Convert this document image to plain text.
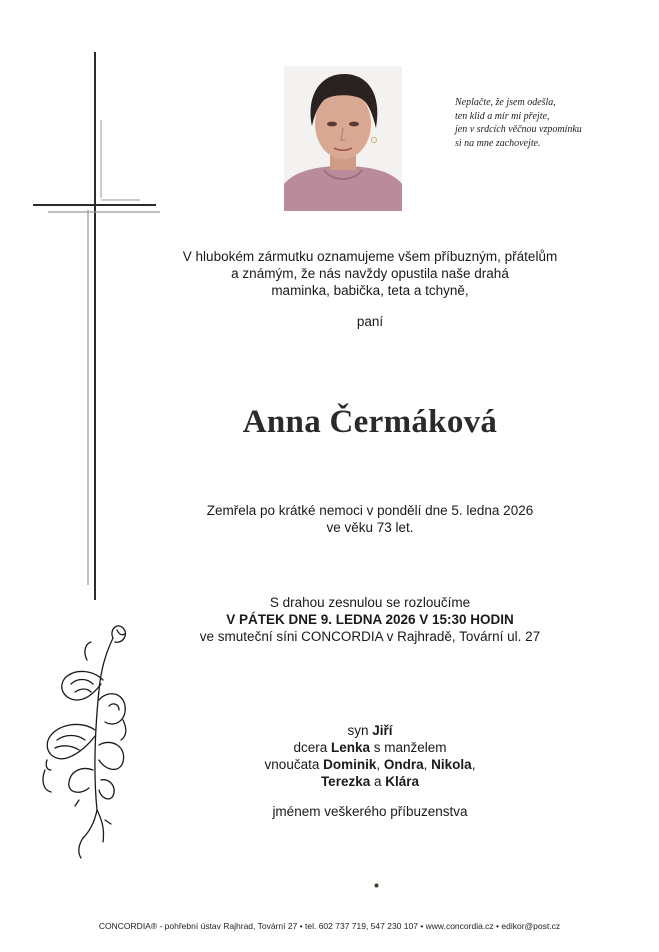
Neplačte, že jsem odešla,
ten klid a mír mi přejte,
jen v srdcích věčnou vzpomínku
si na mne zachovejte.
V hlubokém zármutku oznamujeme všem příbuzným, přátelům
a známým, že nás navždy opustila naše drahá
maminka, babička, teta a tchyně,
paní
Anna Čermáková
Zemřela po krátké nemoci v pondělí dne 5. ledna 2026
ve věku 73 let.
S drahou zesnulou se rozloučíme
V PÁTEK DNE 9. LEDNA 2026 V 15:30 HODIN
ve smuteční síni CONCORDIA v Rajhradě, Tovární ul. 27
syn Jiří
dcera Lenka s manželem
vnoučata Dominik, Ondra, Nikola,
Terezka a Klára
jménem veškerého příbuzenstva
CONCORDIA® - pohřební ústav Rajhrad, Tovární 27 • tel. 602 737 719, 547 230 107 • www.concordia.cz • edikor@post.cz
